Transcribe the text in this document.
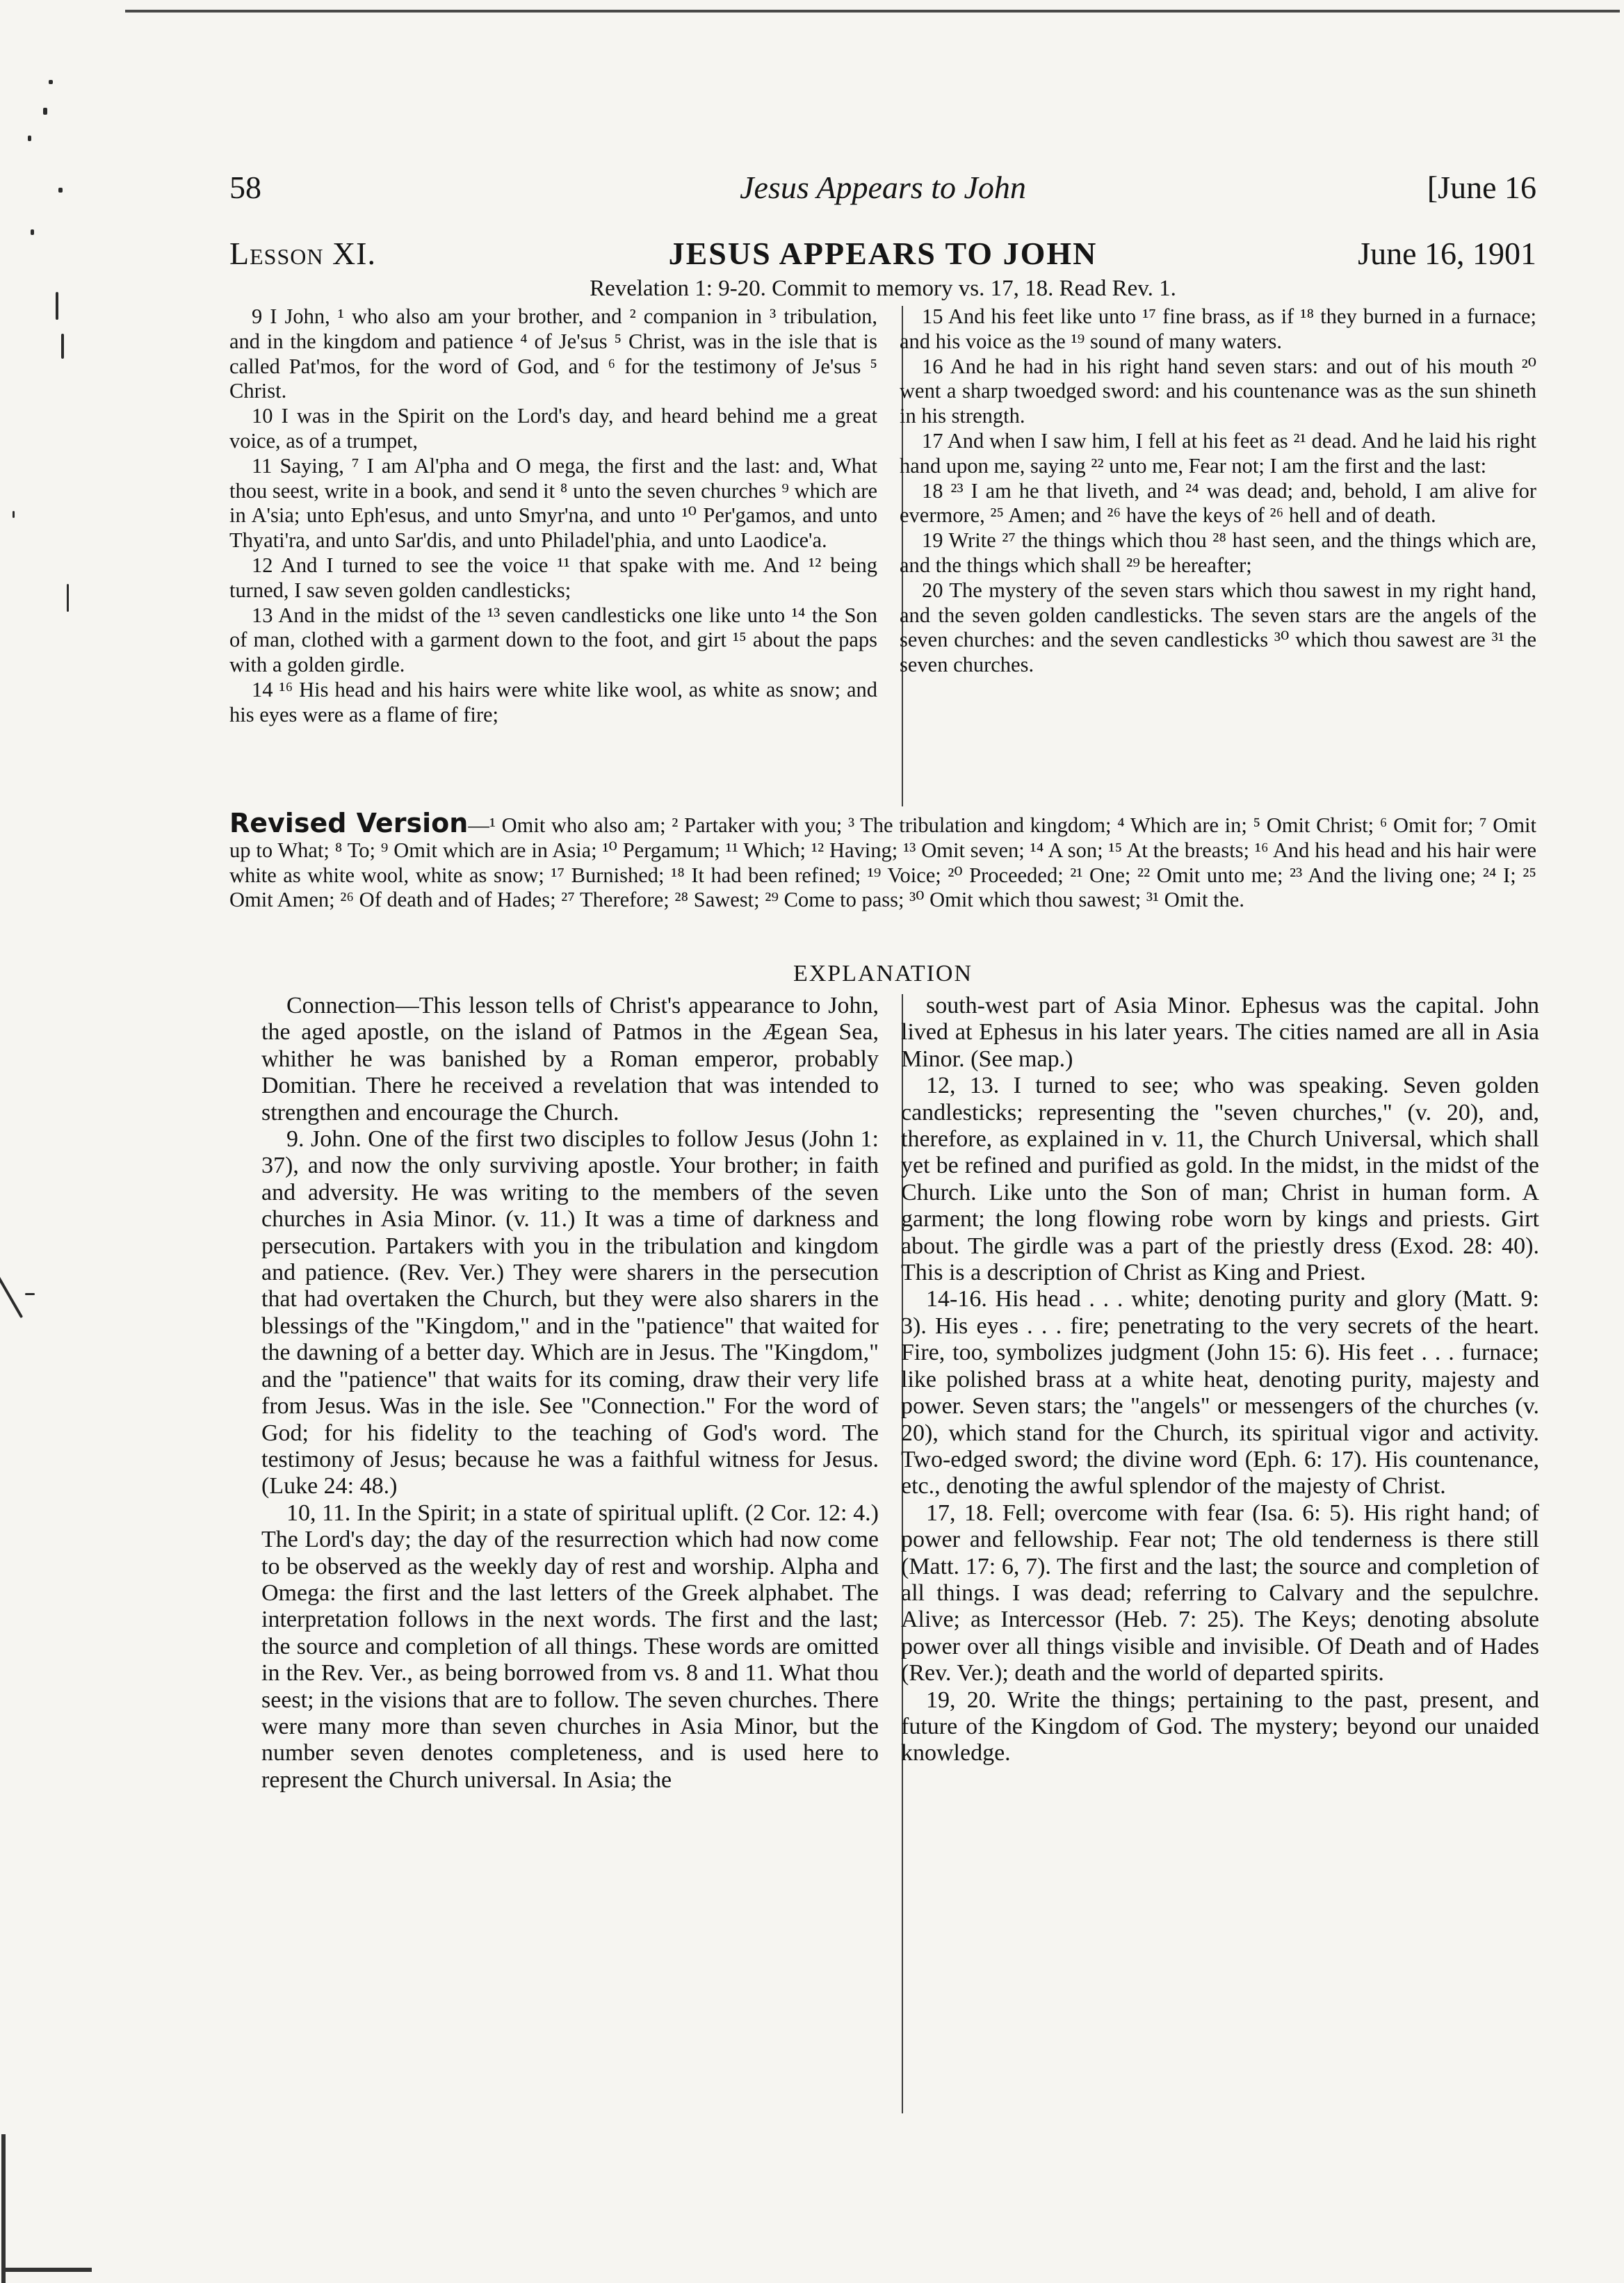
58	Jesus Appears to John	[June 16
Lesson XI.	JESUS APPEARS TO JOHN	June 16, 1901
Revelation 1: 9-20. Commit to memory vs. 17, 18. Read Rev. 1.

9 I John, ¹ who also am your brother, and ² companion in ³ tribulation, and in the kingdom and patience ⁴ of Je'sus ⁵ Christ, was in the isle that is called Pat'mos, for the word of God, and ⁶ for the testimony of Je'sus ⁵ Christ.

10 I was in the Spirit on the Lord's day, and heard behind me a great voice, as of a trumpet,

11 Saying, ⁷ I am Al'pha and O mega, the first and the last: and, What thou seest, write in a book, and send it ⁸ unto the seven churches ⁹ which are in A'sia; unto Eph'esus, and unto Smyr'na, and unto ¹⁰ Per'gamos, and unto Thyati'ra, and unto Sar'dis, and unto Philadel'phia, and unto Laodice'a.

12 And I turned to see the voice ¹¹ that spake with me. And ¹² being turned, I saw seven golden candlesticks;

13 And in the midst of the ¹³ seven candlesticks one like unto ¹⁴ the Son of man, clothed with a garment down to the foot, and girt ¹⁵ about the paps with a golden girdle.

14 ¹⁶ His head and his hairs were white like wool, as white as snow; and his eyes were as a flame of fire;

15 And his feet like unto ¹⁷ fine brass, as if ¹⁸ they burned in a furnace; and his voice as the ¹⁹ sound of many waters.

16 And he had in his right hand seven stars: and out of his mouth ²⁰ went a sharp twoedged sword: and his countenance was as the sun shineth in his strength.

17 And when I saw him, I fell at his feet as ²¹ dead. And he laid his right hand upon me, saying ²² unto me, Fear not; I am the first and the last:

18 ²³ I am he that liveth, and ²⁴ was dead; and, behold, I am alive for evermore, ²⁵ Amen; and ²⁶ have the keys of ²⁶ hell and of death.

19 Write ²⁷ the things which thou ²⁸ hast seen, and the things which are, and the things which shall ²⁹ be hereafter;

20 The mystery of the seven stars which thou sawest in my right hand, and the seven golden candlesticks. The seven stars are the angels of the seven churches: and the seven candlesticks ³⁰ which thou sawest are ³¹ the seven churches.

Revised Version—¹ Omit who also am; ² Partaker with you; ³ The tribulation and kingdom; ⁴ Which are in; ⁵ Omit Christ; ⁶ Omit for; ⁷ Omit up to What; ⁸ To; ⁹ Omit which are in Asia; ¹⁰ Pergamum; ¹¹ Which; ¹² Having; ¹³ Omit seven; ¹⁴ A son; ¹⁵ At the breasts; ¹⁶ And his head and his hair were white as white wool, white as snow; ¹⁷ Burnished; ¹⁸ It had been refined; ¹⁹ Voice; ²⁰ Proceeded; ²¹ One; ²² Omit unto me; ²³ And the living one; ²⁴ I; ²⁵ Omit Amen; ²⁶ Of death and of Hades; ²⁷ Therefore; ²⁸ Sawest; ²⁹ Come to pass; ³⁰ Omit which thou sawest; ³¹ Omit the.
EXPLANATION

Connection—This lesson tells of Christ's appearance to John, the aged apostle, on the island of Patmos in the Ægean Sea, whither he was banished by a Roman emperor, probably Domitian. There he received a revelation that was intended to strengthen and encourage the Church.

9. John. One of the first two disciples to follow Jesus (John 1: 37), and now the only surviving apostle. Your brother; in faith and adversity. He was writing to the members of the seven churches in Asia Minor. (v. 11.) It was a time of darkness and persecution. Partakers with you in the tribulation and kingdom and patience. (Rev. Ver.) They were sharers in the persecution that had overtaken the Church, but they were also sharers in the blessings of the "Kingdom," and in the "patience" that waited for the dawning of a better day. Which are in Jesus. The "Kingdom," and the "patience" that waits for its coming, draw their very life from Jesus. Was in the isle. See "Connection." For the word of God; for his fidelity to the teaching of God's word. The testimony of Jesus; because he was a faithful witness for Jesus. (Luke 24: 48.)

10, 11. In the Spirit; in a state of spiritual uplift. (2 Cor. 12: 4.) The Lord's day; the day of the resurrection which had now come to be observed as the weekly day of rest and worship. Alpha and Omega: the first and the last letters of the Greek alphabet. The interpretation follows in the next words. The first and the last; the source and completion of all things. These words are omitted in the Rev. Ver., as being borrowed from vs. 8 and 11. What thou seest; in the visions that are to follow. The seven churches. There were many more than seven churches in Asia Minor, but the number seven denotes completeness, and is used here to represent the Church universal. In Asia; the

south-west part of Asia Minor. Ephesus was the capital. John lived at Ephesus in his later years. The cities named are all in Asia Minor. (See map.)

12, 13. I turned to see; who was speaking. Seven golden candlesticks; representing the "seven churches," (v. 20), and, therefore, as explained in v. 11, the Church Universal, which shall yet be refined and purified as gold. In the midst, in the midst of the Church. Like unto the Son of man; Christ in human form. A garment; the long flowing robe worn by kings and priests. Girt about. The girdle was a part of the priestly dress (Exod. 28: 40). This is a description of Christ as King and Priest.

14-16. His head . . . white; denoting purity and glory (Matt. 9: 3). His eyes . . . fire; penetrating to the very secrets of the heart. Fire, too, symbolizes judgment (John 15: 6). His feet . . . furnace; like polished brass at a white heat, denoting purity, majesty and power. Seven stars; the "angels" or messengers of the churches (v. 20), which stand for the Church, its spiritual vigor and activity. Two-edged sword; the divine word (Eph. 6: 17). His countenance, etc., denoting the awful splendor of the majesty of Christ.

17, 18. Fell; overcome with fear (Isa. 6: 5). His right hand; of power and fellowship. Fear not; The old tenderness is there still (Matt. 17: 6, 7). The first and the last; the source and completion of all things. I was dead; referring to Calvary and the sepulchre. Alive; as Intercessor (Heb. 7: 25). The Keys; denoting absolute power over all things visible and invisible. Of Death and of Hades (Rev. Ver.); death and the world of departed spirits.

19, 20. Write the things; pertaining to the past, present, and future of the Kingdom of God. The mystery; beyond our unaided knowledge.
